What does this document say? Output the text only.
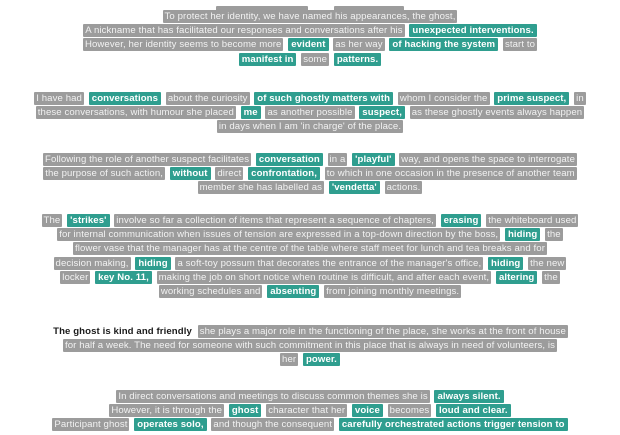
To protect her identity, we have named his appearances, the ghost,
A nickname that has facilitated our responses and conversations after his unexpected interventions.
However, her identity seems to become more evident as her way of hacking the system start to
manifest in some patterns.
I have had conversations about the curiosity of such ghostly matters with whom I consider the prime suspect, in
these conversations, with humour she placed me as another possible suspect, as these ghostly events always happen
in days when I am 'in charge' of the place.
Following the role of another suspect facilitates conversation in a 'playful' way, and opens the space to interrogate
the purpose of such action, without direct confrontation, to which in one occasion in the presence of another team
member she has labelled as 'vendetta' actions.
The 'strikes' involve so far a collection of items that represent a sequence of chapters, erasing the whiteboard used
for internal communication when issues of tension are expressed in a top-down direction by the boss, hiding the
flower vase that the manager has at the centre of the table where staff meet for lunch and tea breaks and for
decision making, hiding a soft-toy possum that decorates the entrance of the manager's office, hiding the new
locker key No. 11, making the job on short notice when routine is difficult, and after each event, altering the
working schedules and absenting from joining monthly meetings.
The ghost is kind and friendly she plays a major role in the functioning of the place, she works at the front of house
for half a week. The need for someone with such commitment in this place that is always in need of volunteers, is
her power.
In direct conversations and meetings to discuss common themes she is always silent.
However, it is through the ghost character that her voice becomes loud and clear.
Participant ghost operates solo, and though the consequent carefully orchestrated actions trigger tension to
